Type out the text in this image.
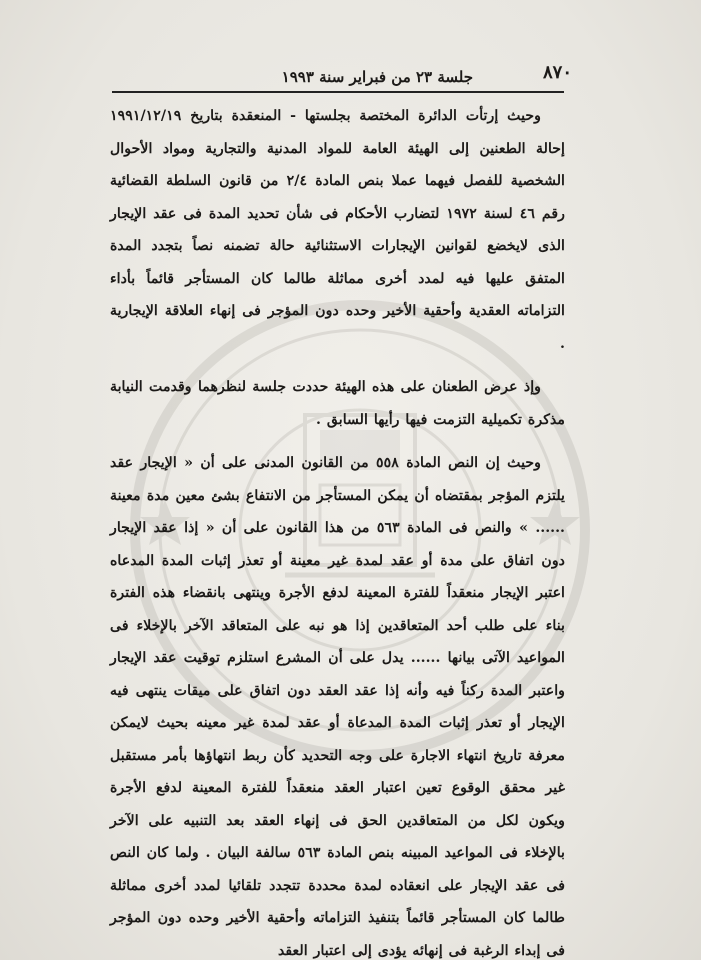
٨٧٠
جلسة ٢٣ من فبراير سنة ١٩٩٣

وحيث إرتأت الدائرة المختصة بجلستها - المنعقدة بتاريخ ١٩٩١/١٢/١٩ إحالة الطعنين إلى الهيئة العامة للمواد المدنية والتجارية ومواد الأحوال الشخصية للفصل فيهما عملا بنص المادة ٢/٤ من قانون السلطة القضائية رقم ٤٦ لسنة ١٩٧٢ لتضارب الأحكام فى شأن تحديد المدة فى عقد الإيجار الذى لايخضع لقوانين الإيجارات الاستثنائية حالة تضمنه نصاً بتجدد المدة المتفق عليها فيه لمدد أخرى مماثلة طالما كان المستأجر قائماً بأداء التزاماته العقدية وأحقية الأخير وحده دون المؤجر فى إنهاء العلاقة الإيجارية .

وإذ عرض الطعنان على هذه الهيئة حددت جلسة لنظرهما وقدمت النيابة مذكرة تكميلية التزمت فيها رأيها السابق .

وحيث إن النص المادة ٥٥٨ من القانون المدنى على أن « الإيجار عقد يلتزم المؤجر بمقتضاه أن يمكن المستأجر من الانتفاع بشئ معين مدة معينة ...... » والنص فى المادة ٥٦٣ من هذا القانون على أن « إذا عقد الإيجار دون اتفاق على مدة أو عقد لمدة غير معينة أو تعذر إثبات المدة المدعاه اعتبر الإيجار منعقداً للفترة المعينة لدفع الأجرة وينتهى بانقضاء هذه الفترة بناء على طلب أحد المتعاقدين إذا هو نبه على المتعاقد الآخر بالإخلاء فى المواعيد الآتى بيانها ...... يدل على أن المشرع استلزم توقيت عقد الإيجار واعتبر المدة ركناً فيه وأنه إذا عقد العقد دون اتفاق على ميقات ينتهى فيه الإيجار أو تعذر إثبات المدة المدعاة أو عقد لمدة غير معينه بحيث لايمكن معرفة تاريخ انتهاء الاجارة على وجه التحديد كأن ربط انتهاؤها بأمر مستقبل غير محقق الوقوع تعين اعتبار العقد منعقداً للفترة المعينة لدفع الأجرة ويكون لكل من المتعاقدين الحق فى إنهاء العقد بعد التنبيه على الآخر بالإخلاء فى المواعيد المبينه بنص المادة ٥٦٣ سالفة البيان . ولما كان النص فى عقد الإيجار على انعقاده لمدة محددة تتجدد تلقائيا لمدد أخرى مماثلة طالما كان المستأجر قائماً بتنفيذ التزاماته وأحقية الأخير وحده دون المؤجر فى إبداء الرغبة فى إنهائه يؤدى إلى اعتبار العقد
